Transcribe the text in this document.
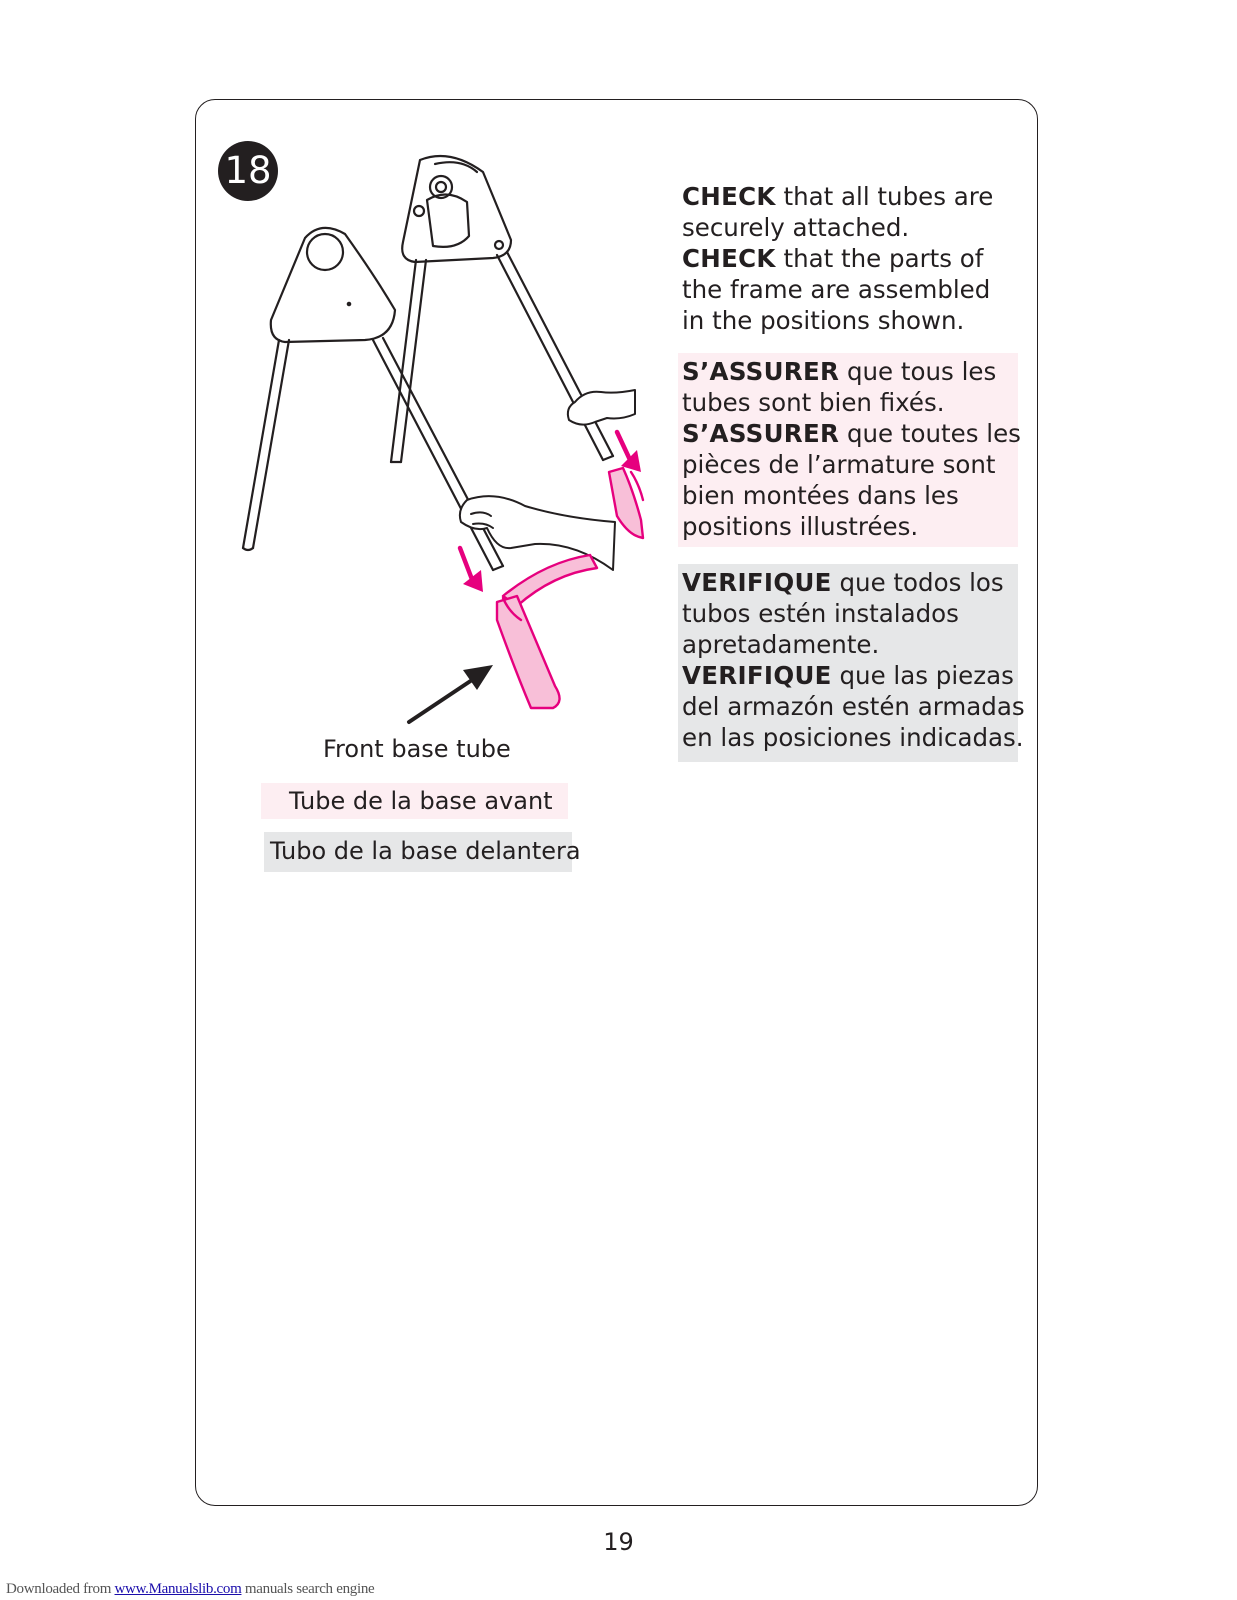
18
CHECK that all tubes are
securely attached.
CHECK that the parts of
the frame are assembled
in the positions shown.
S’ASSURER que tous les
tubes sont bien fixés.
S’ASSURER que toutes les
pièces de l’armature sont
bien montées dans les
positions illustrées.
VERIFIQUE que todos los
tubos estén instalados
apretadamente.
VERIFIQUE que las piezas
del armazón estén armadas
en las posiciones indicadas.
Front base tube
Tube de la base avant
Tubo de la base delantera
19
Downloaded from www.Manualslib.com manuals search engine
